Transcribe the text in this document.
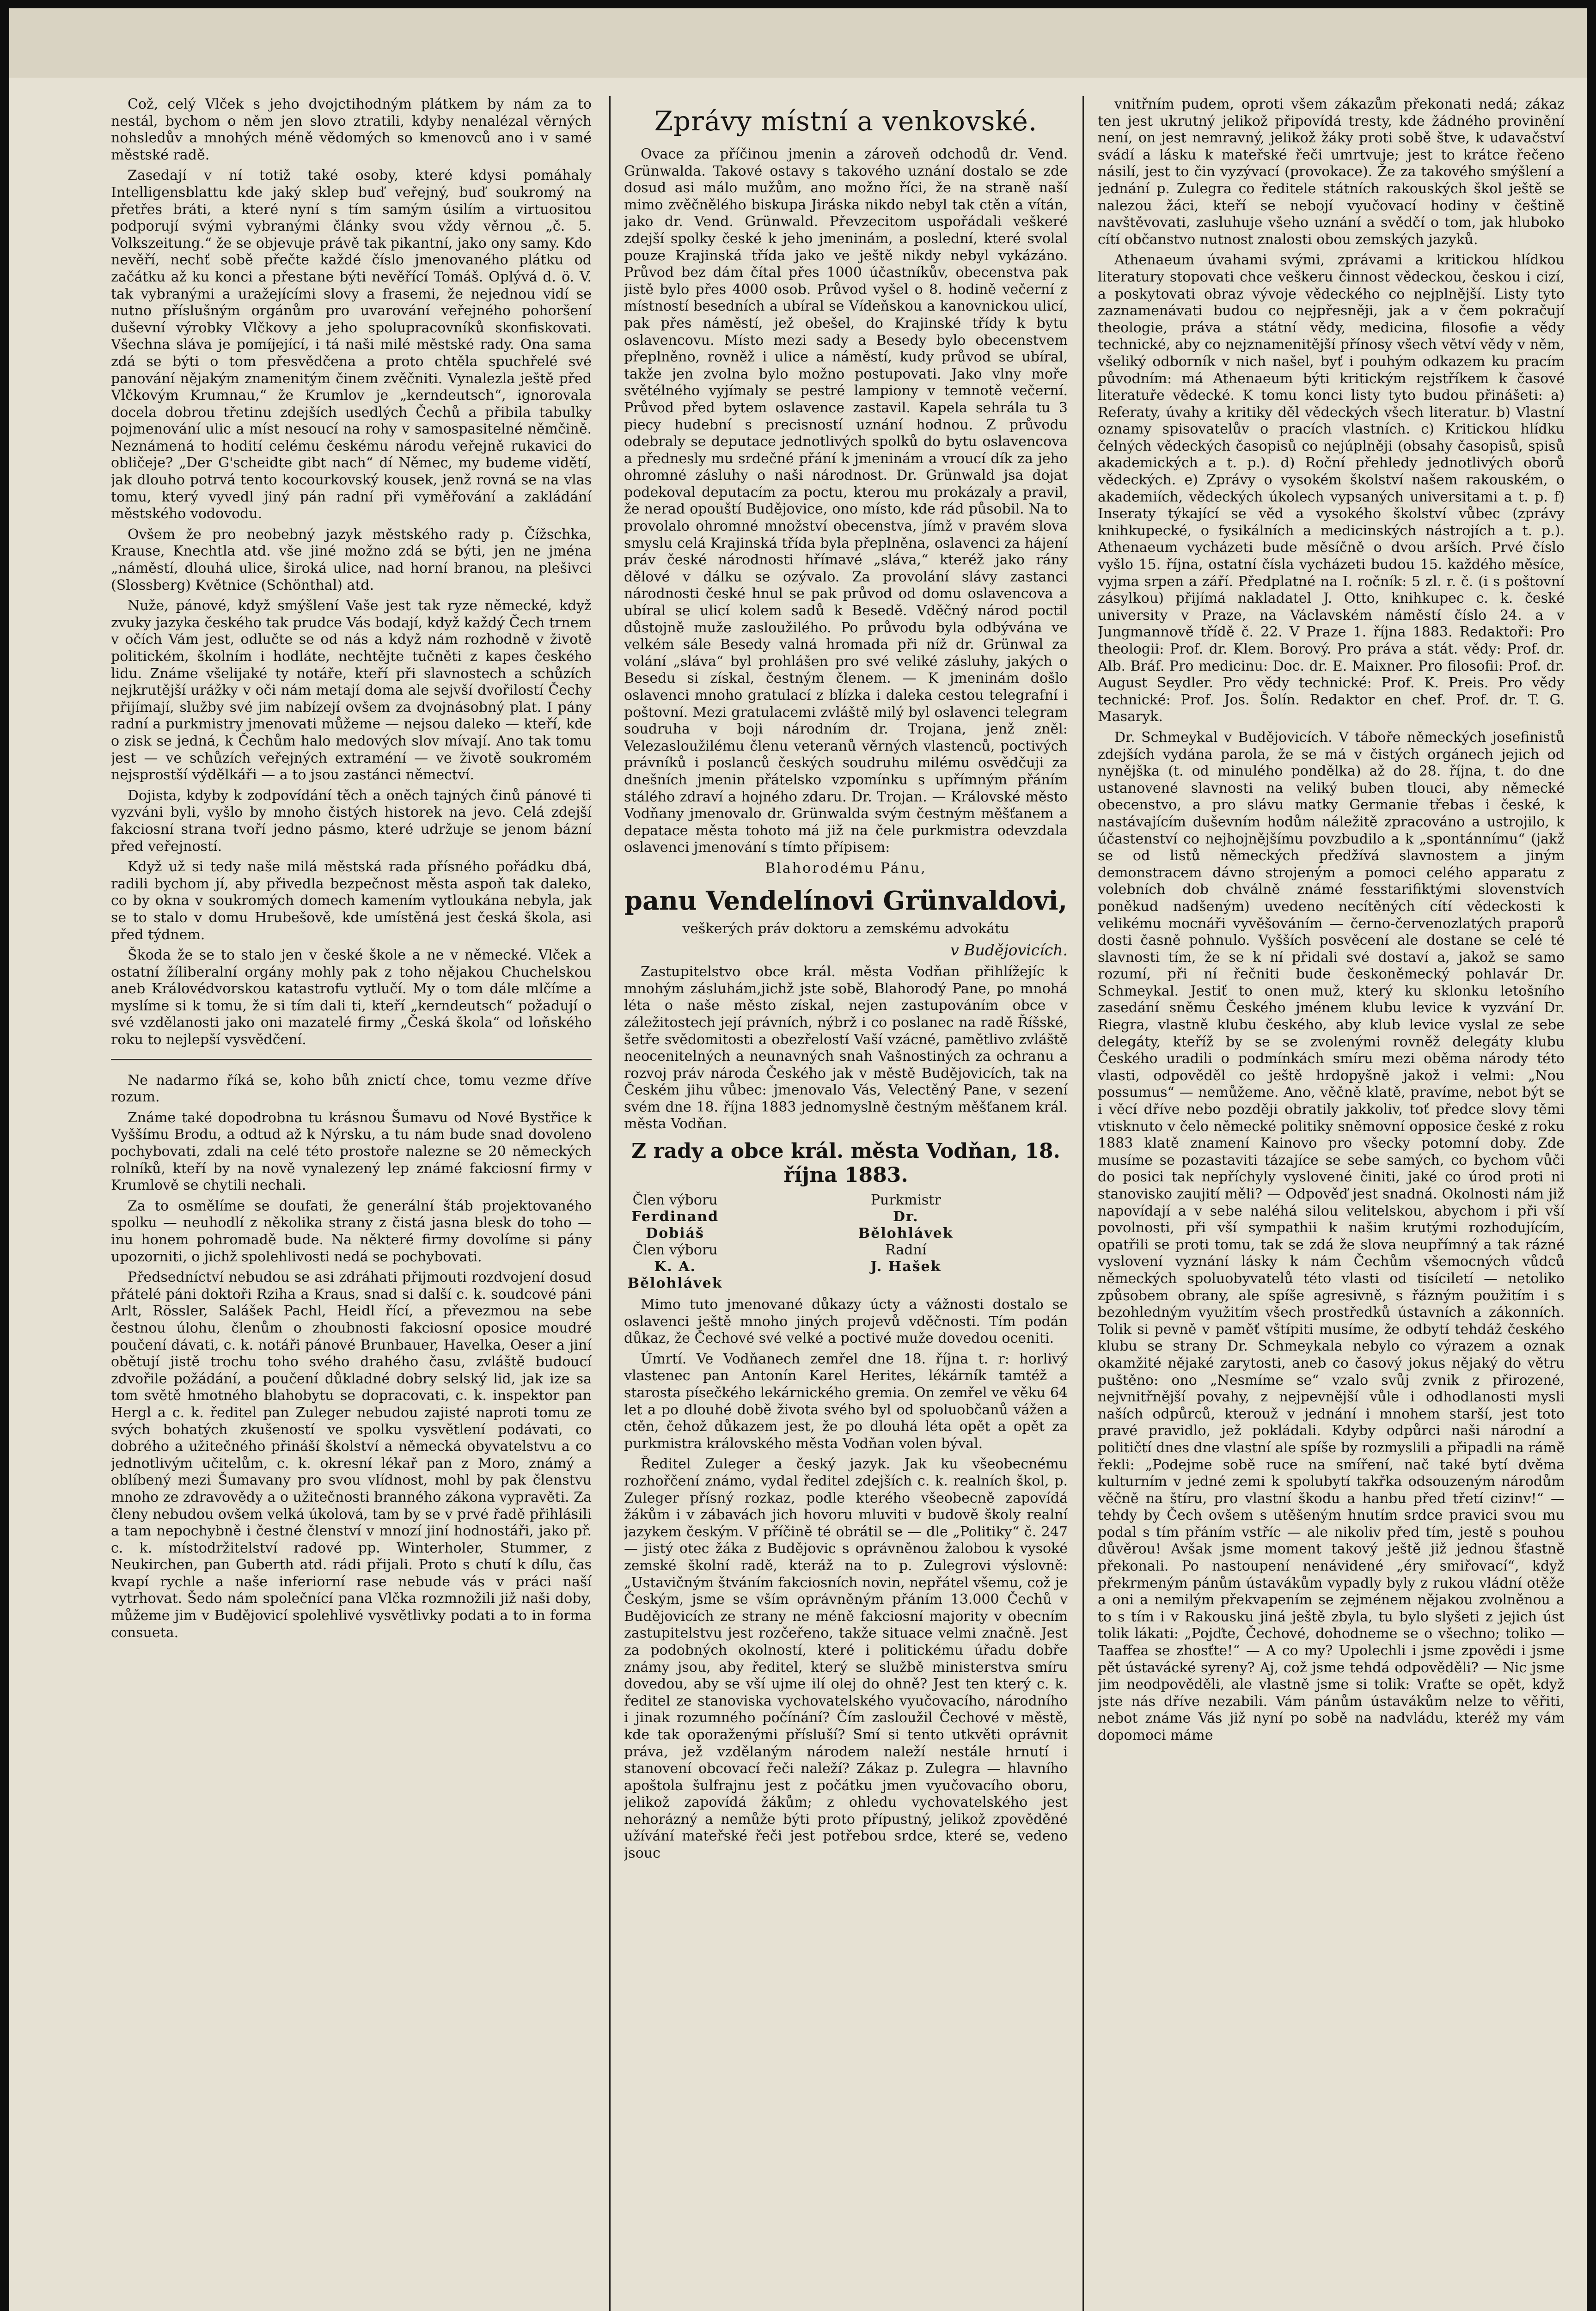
Což, celý Vlček s jeho dvojctihodným plátkem by nám za to nestál, bychom o něm jen slovo ztratili, kdyby nenalézal věrných nohsledův a mnohých méně vědomých so kmenovců ano i v samé městské radě.

Zasedají v ní totiž také osoby, které kdysi pomáhaly Intelligensblattu kde jaký sklep buď veřejný, buď soukromý na přetřes bráti, a které nyní s tím samým úsilím a virtuositou podporují svými vybranými články svou vždy věrnou „č. 5. Volkszeitung.“ že se objevuje právě tak pikantní, jako ony samy. Kdo nevěří, nechť sobě přečte každé číslo jmenovaného plátku od začátku až ku konci a přestane býti nevěřící Tomáš. Oplývá d. ö. V. tak vybranými a uražejícími slovy a frasemi, že nejednou vidí se nutno příslušným orgánům pro uvarování veřejného pohoršení duševní výrobky Vlčkovy a jeho spolupracovníků skonfiskovati. Všechna sláva je pomíjející, i tá naši milé městské rady. Ona sama zdá se býti o tom přesvědčena a proto chtěla spuchřelé své panování nějakým znamenitým činem zvěčniti. Vynalezla ještě před Vlčkovým Krumnau,“ že Krumlov je „kerndeutsch“, ignorovala docela dobrou třetinu zdejších usedlých Čechů a přibila tabulky pojmenování ulic a míst nesoucí na rohy v samospasitelné němčině. Neznámená to hodití celému českému národu veřejně rukavici do obličeje? „Der G'scheidte gibt nach“ dí Němec, my budeme vidětí, jak dlouho potrvá tento kocourkovský kousek, jenž rovná se na vlas tomu, který vyvedl jiný pán radní při vyměřování a zakládání městského vodovodu.

Ovšem že pro neobebný jazyk městského rady p. Čížschka, Krause, Knechtla atd. vše jiné možno zdá se býti, jen ne jména „náměstí, dlouhá ulice, široká ulice, nad horní branou, na plešivci (Slossberg) Květnice (Schönthal) atd.

Nuže, pánové, když smýšlení Vaše jest tak ryze německé, když zvuky jazyka českého tak prudce Vás bodají, když každý Čech trnem v očích Vám jest, odlučte se od nás a když nám rozhodně v životě politickém, školním i hodláte, nechtějte tučněti z kapes českého lidu. Známe všelijaké ty notáře, kteří při slavnostech a schůzích nejkrutější urážky v oči nám metají doma ale sejvší dvořilostí Čechy přijímají, služby své jim nabízejí ovšem za dvojnásobný plat. I pány radní a purkmistry jmenovati můžeme — nejsou daleko — kteří, kde o zisk se jedná, k Čechům halo medových slov mívají. Ano tak tomu jest — ve schůzích veřejných extraméní — ve životě soukromém nejsprostší výdělkáři — a to jsou zastánci němectví.

Dojista, kdyby k zodpovídání těch a oněch tajných činů pánové ti vyzváni byli, vyšlo by mnoho čistých historek na jevo. Celá zdejší fakciosní strana tvoří jedno pásmo, které udržuje se jenom bázní před veřejností.

Když už si tedy naše milá městská rada přísného pořádku dbá, radili bychom jí, aby přivedla bezpečnost města aspoň tak daleko, co by okna v soukromých domech kamením vytloukána nebyla, jak se to stalo v domu Hrubešově, kde umístěná jest česká škola, asi před týdnem.

Škoda že se to stalo jen v české škole a ne v německé. Vlček a ostatní žíliberalní orgány mohly pak z toho nějakou Chuchelskou aneb Královédvorskou katastrofu vytlučí. My o tom dále mlčíme a myslíme si k tomu, že si tím dali ti, kteří „kerndeutsch“ požadují o své vzdělanosti jako oni mazatelé firmy „Česká škola“ od loňského roku to nejlepší vysvědčení.

Ne nadarmo říká se, koho bůh znictí chce, tomu vezme dříve rozum.

Známe také dopodrobna tu krásnou Šumavu od Nové Bystřice k Vyššímu Brodu, a odtud až k Nýrsku, a tu nám bude snad dovoleno pochybovati, zdali na celé této prostoře nalezne se 20 německých rolníků, kteří by na nově vynalezený lep známé fakciosní firmy v Krumlově se chytili nechali.

Za to osmělíme se doufati, že generální štáb projektovaného spolku — neuhodlí z několika strany z čistá jasna blesk do toho — inu honem pohromadě bude. Na některé firmy dovolíme si pány upozorniti, o jichž spolehlivosti nedá se pochybovati.

Předsedníctví nebudou se asi zdráhati přijmouti rozdvojení dosud přátelé páni doktoři Rziha a Kraus, snad si další c. k. soudcové páni Arlt, Rössler, Salášek Pachl, Heidl řící, a převezmou na sebe čestnou úlohu, členům o zhoubnosti fakciosní oposice moudré poučení dávati, c. k. notáři pánové Brunbauer, Havelka, Oeser a jiní obětují jistě trochu toho svého drahého času, zvláště budoucí zdvořile požádání, a poučení důkladné dobry selský lid, jak ize sa tom světě hmotného blahobytu se dopracovati, c. k. inspektor pan Hergl a c. k. ředitel pan Zuleger nebudou zajisté naproti tomu ze svých bohatých zkušeností ve spolku vysvětlení podávati, co dobrého a užitečného přináší školství a německá obyvatelstvu a co jednotlivým učitelům, c. k. okresní lékař pan z Moro, známý a oblíbený mezi Šumavany pro svou vlídnost, mohl by pak členstvu mnoho ze zdravovědy a o užitečnosti branného zákona vypravěti. Za členy nebudou ovšem velká úkolová, tam by se v prvé řadě přihlásili a tam nepochybně i čestné členství v mnozí jiní hodnostáři, jako př. c. k. místodržitelství radové pp. Winterholer, Stummer, z Neukirchen, pan Guberth atd. rádi přijali. Proto s chutí k dílu, čas kvapí rychle a naše inferiorní rase nebude vás v práci naší vytrhovat. Šedo nám společnící pana Vlčka rozmnožili již naši doby, můžeme jim v Budějovicí spolehlivé vysvětlivky podati a to in forma consueta.

Zprávy místní a venkovské.

Ovace za příčinou jmenin a zároveň odchodů dr. Vend. Grünwalda. Takové ostavy s takového uznání dostalo se zde dosud asi málo mužům, ano možno říci, že na straně naší mimo zvěčnělého biskupa Jiráska nikdo nebyl tak ctěn a vítán, jako dr. Vend. Grünwald. Převzecitom uspořádali veškeré zdejší spolky české k jeho jmeninám, a poslední, které svolal pouze Krajinská třída jako ve ještě nikdy nebyl vykázáno. Průvod bez dám čítal přes 1000 účastníkův, obecenstva pak jistě bylo přes 4000 osob. Průvod vyšel o 8. hodině večerní z místností besedních a ubíral se Vídeňskou a kanovnickou ulicí, pak přes náměstí, jež obešel, do Krajinské třídy k bytu oslavencovu. Místo mezi sady a Besedy bylo obecenstvem přeplněno, rovněž i ulice a náměstí, kudy průvod se ubíral, takže jen zvolna bylo možno postupovati. Jako vlny moře světélného vyjímaly se pestré lampiony v temnotě večerní. Průvod před bytem oslavence zastavil. Kapela sehrála tu 3 piecy hudební s precisností uznání hodnou. Z průvodu odebraly se deputace jednotlivých spolků do bytu oslavencova a přednesly mu srdečné přání k jmeninám a vroucí dík za jeho ohromné zásluhy o naši národnost. Dr. Grünwald jsa dojat podekoval deputacím za poctu, kterou mu prokázaly a pravil, že nerad opouští Budějovice, ono místo, kde rád působil. Na to provolalo ohromné množství obecenstva, jímž v pravém slova smyslu celá Krajinská třída byla přeplněna, oslavenci za hájení práv české národnosti hřímavé „sláva,“ kteréž jako rány dělové v dálku se ozývalo. Za provolání slávy zastanci národnosti české hnul se pak průvod od domu oslavencova a ubíral se ulicí kolem sadů k Besedě. Vděčný národ poctil důstojně muže zasloužilého. Po průvodu byla odbývána ve velkém sále Besedy valná hromada při níž dr. Grünwal za volání „sláva“ byl prohlášen pro své veliké zásluhy, jakých o Besedu si získal, čestným členem. — K jmeninám došlo oslavenci mnoho gratulací z blízka i daleka cestou telegrafní i poštovní. Mezi gratulacemi zvláště milý byl oslavenci telegram soudruha v boji národním dr. Trojana, jenž zněl: Velezasloužilému členu veteranů věrných vlastenců, poctivých právníků i poslanců českých soudruhu milému osvědčuji za dnešních jmenin přátelsko vzpomínku s upřímným přáním stálého zdraví a hojného zdaru. Dr. Trojan. — Královské město Vodňany jmenovalo dr. Grünwalda svým čestným měšťanem a depatace města tohoto má již na čele purkmistra odevzdala oslavenci jmenování s tímto přípisem:

Blahorodému Pánu,

panu Vendelínovi Grünvaldovi,

veškerých práv doktoru a zemskému advokátu

v Budějovicích.

Zastupitelstvo obce král. města Vodňan přihlížejíc k mnohým zásluhám,jichž jste sobě, Blahorodý Pane, po mnohá léta o naše město získal, nejen zastupováním obce v záležitostech její právních, nýbrž i co poslanec na radě Říšské, šetře svědomitosti a obezřelostí Vaší vzácné, pamětlivo zvláště neocenitelných a neunavných snah Vašnostiných za ochranu a rozvoj práv národa Českého jak v městě Budějovicích, tak na Českém jihu vůbec: jmenovalo Vás, Velectěný Pane, v sezení svém dne 18. října 1883 jednomyslně čestným měšťanem král. města Vodňan.

Z rady a obce král. města Vodňan, 18. října 1883.
Člen výboru
Ferdinand Dobiáš
Člen výboru
K. A. Bělohlávek
Purkmistr
Dr. Bělohlávek
Radní
J. Hašek

Mimo tuto jmenované důkazy úcty a vážnosti dostalo se oslavenci ještě mnoho jiných projevů vděčnosti. Tím podán důkaz, že Čechové své velké a poctivé muže dovedou oceniti.

Úmrtí. Ve Vodňanech zemřel dne 18. října t. r: horlivý vlastenec pan Antonín Karel Herites, lékárník tamtéž a starosta písečkého lekárnického gremia. On zemřel ve věku 64 let a po dlouhé době života svého byl od spoluobčanů vážen a ctěn, čehož důkazem jest, že po dlouhá léta opět a opět za purkmistra královského města Vodňan volen býval.

Ředitel Zuleger a český jazyk. Jak ku všeobecnému rozhořčení známo, vydal ředitel zdejších c. k. realních škol, p. Zuleger přísný rozkaz, podle kterého všeobecně zapovídá žákům i v zábavách jich hovoru mluviti v budově školy realní jazykem českým. V příčině té obrátil se — dle „Politiky“ č. 247 — jistý otec žáka z Budějovic s oprávněnou žalobou k vysoké zemské školní radě, kteráž na to p. Zulegrovi výslovně: „Ustavičným štváním fakciosních novin, nepřátel všemu, což je Českým, jsme se vším oprávněným přáním 13.000 Čechů v Budějovicích ze strany ne méně fakciosní majority v obecním zastupitelstvu jest rozčeřeno, takže situace velmi značně. Jest za podobných okolností, které i politickému úřadu dobře známy jsou, aby ředitel, který se službě ministerstva smíru dovedou, aby se vší ujme ilí olej do ohně? Jest ten který c. k. ředitel ze stanoviska vychovatelského vyučovacího, národního i jinak rozumného počínání? Čím zasloužil Čechové v městě, kde tak oporaženými přísluší? Smí si tento utkvěti oprávnit práva, jež vzdělaným národem naleží nestále hrnutí i stanovení obcovací řeči naleží? Zákaz p. Zulegra — hlavního apoštola šulfrajnu jest z počátku jmen vyučovacího oboru, jelikož zapovídá žákům; z ohledu vychovatelského jest nehorázný a nemůže býti proto přípustný, jelikož zpověděné užívání mateřské řeči jest potřebou srdce, které se, vedeno jsouc

vnitřním pudem, oproti všem zákazům překonati nedá; zákaz ten jest ukrutný jelikož připovídá tresty, kde žádného provinění není, on jest nemravný, jelikož žáky proti sobě štve, k udavačství svádí a lásku k mateřské řeči umrtvuje; jest to krátce řečeno násilí, jest to čin vyzývací (provokace). Že za takového smýšlení a jednání p. Zulegra co ředitele státních rakouských škol ještě se nalezou žáci, kteří se nebojí vyučovací hodiny v češtině navštěvovati, zasluhuje všeho uznání a svědčí o tom, jak hluboko cítí občanstvo nutnost znalosti obou zemských jazyků.

Athenaeum úvahami svými, zprávami a kritickou hlídkou literatury stopovati chce veškeru činnost vědeckou, českou i cizí, a poskytovati obraz vývoje vědeckého co nejplnější. Listy tyto zaznamenávati budou co nejpřesněji, jak a v čem pokračují theologie, práva a státní vědy, medicina, filosofie a vědy technické, aby co nejznamenitější přínosy všech větví vědy v něm, všeliký odborník v nich našel, byť i pouhým odkazem ku pracím původním: má Athenaeum býti kritickým rejstříkem k časové literatuře vědecké. K tomu konci listy tyto budou přinášeti: a) Referaty, úvahy a kritiky děl vědeckých všech literatur. b) Vlastní oznamy spisovatelův o pracích vlastních. c) Kritickou hlídku čelných vědeckých časopisů co nejúplněji (obsahy časopisů, spisů akademických a t. p.). d) Roční přehledy jednotlivých oborů vědeckých. e) Zprávy o vysokém školství našem rakouském, o akademiích, vědeckých úkolech vypsaných universitami a t. p. f) Inseraty týkající se věd a vysokého školství vůbec (zprávy knihkupecké, o fysikálních a medicinských nástrojích a t. p.). Athenaeum vycházeti bude měsíčně o dvou arších. Prvé číslo vyšlo 15. října, ostatní čísla vycházeti budou 15. každého měsíce, vyjma srpen a září. Předplatné na I. ročník: 5 zl. r. č. (i s poštovní zásylkou) přijímá nakladatel J. Otto, knihkupec c. k. české university v Praze, na Václavském náměstí číslo 24. a v Jungmannově třídě č. 22. V Praze 1. října 1883. Redaktoři: Pro theologii: Prof. dr. Klem. Borový. Pro práva a stát. vědy: Prof. dr. Alb. Bráf. Pro medicinu: Doc. dr. E. Maixner. Pro filosofii: Prof. dr. August Seydler. Pro vědy technické: Prof. K. Preis. Pro vědy technické: Prof. Jos. Šolín. Redaktor en chef. Prof. dr. T. G. Masaryk.

Dr. Schmeykal v Budějovicích. V táboře německých josefinistů zdejších vydána parola, že se má v čistých orgánech jejich od nynějška (t. od minulého pondělka) až do 28. října, t. do dne ustanovené slavnosti na veliký buben tlouci, aby německé obecenstvo, a pro slávu matky Germanie třebas i české, k nastávajícím duševním hodům náležitě zpracováno a ustrojilo, k účastenství co nejhojnějšímu povzbudilo a k „spontánnímu“ (jakž se od listů německých předžívá slavnostem a jiným demonstracem dávno strojeným a pomoci celého apparatu z volebních dob chválně známé fesstarifiktými slovenstvích poněkud nadšeným) uvedeno necítěných cítí vědeckosti k velikému mocnáři vyvěšováním — černo-červenozlatých praporů dosti časně pohnulo. Vyšších posvěcení ale dostane se celé té slavnosti tím, že se k ní přidali své dostaví a, jakož se samo rozumí, při ní řečniti bude českoněmecký pohlavár Dr. Schmeykal. Jestiť to onen muž, který ku sklonku letošního zasedání sněmu Českého jménem klubu levice k vyzvání Dr. Riegra, vlastně klubu českého, aby klub levice vyslal ze sebe delegáty, kteříž by se se zvolenými rovněž delegáty klubu Českého uradili o podmínkách smíru mezi oběma národy této vlasti, odpověděl co ještě hrdopyšně jakož i velmi: „Nou possumus“ — nemůžeme. Ano, věčně klatě, pravíme, nebot být se i věcí dříve nebo později obratily jakkoliv, toť předce slovy těmi vtisknuto v čelo německé politiky sněmovní opposice české z roku 1883 klatě znamení Kainovo pro všecky potomní doby. Zde musíme se pozastaviti tázajíce se sebe samých, co bychom vůči do posici tak nepříchyly vyslovené činiti, jaké co úrod proti ni stanovisko zaujití měli? — Odpověď jest snadná. Okolnosti nám již napovídají a v sebe naléhá silou velitelskou, abychom i při vší povolnosti, při vší sympathii k našim krutými rozhodujícím, opatřili se proti tomu, tak se zdá že slova neupřímný a tak rázné vyslovení vyznání lásky k nám Čechům všemocných vůdců německých spoluobyvatelů této vlasti od tisíciletí — netoliko způsobem obrany, ale spíše agresivně, s řázným použitím i s bezohledným využitím všech prostředků ústavních a zákonních. Tolik si pevně v paměť vštípiti musíme, že odbytí tehdáž českého klubu se strany Dr. Schmeykala nebylo co výrazem a oznak okamžité nějaké zarytosti, aneb co časový jokus nějaký do větru puštěno: ono „Nesmíme se“ vzalo svůj zvnik z přirozené, nejvnitřnější povahy, z nejpevnější vůle i odhodlanosti mysli naších odpůrců, kterouž v jednání i mnohem starší, jest toto pravé pravidlo, jež pokládali. Kdyby odpůrci naši národní a političtí dnes dne vlastní ale spíše by rozmyslili a připadli na rámě řekli: „Podejme sobě ruce na smíření, nač také bytí dvěma kulturním v jedné zemi k spolubytí takřka odsouzeným národům věčně na štíru, pro vlastní škodu a hanbu před třetí cizinv!“ — tehdy by Čech ovšem s utěšeným hnutím srdce pravici svou mu podal s tím přáním vstříc — ale nikoliv před tím, jestě s pouhou důvěrou! Avšak jsme moment takový ještě již jednou šťastně překonali. Po nastoupení nenávidené „éry smiřovací“, když překrmeným pánům ústavákům vypadly byly z rukou vládní otěže a oni a nemilým překvapením se zejménem nějakou zvolněnou a to s tím i v Rakousku jiná ještě zbyla, tu bylo slyšeti z jejich úst tolik lákati: „Pojďte, Čechové, dohodneme se o všechno; toliko — Taaffea se zhosťte!“ — A co my? Upolechli i jsme zpovědi i jsme pět ústavácké syreny? Aj, což jsme tehdá odpověděli? — Nic jsme jim neodpověděli, ale vlastně jsme si tolik: Vraťte se opět, když jste nás dříve nezabili. Vám pánům ústavákům nelze to věřiti, nebot známe Vás již nyní po sobě na nadvládu, kteréž my vám dopomoci máme
